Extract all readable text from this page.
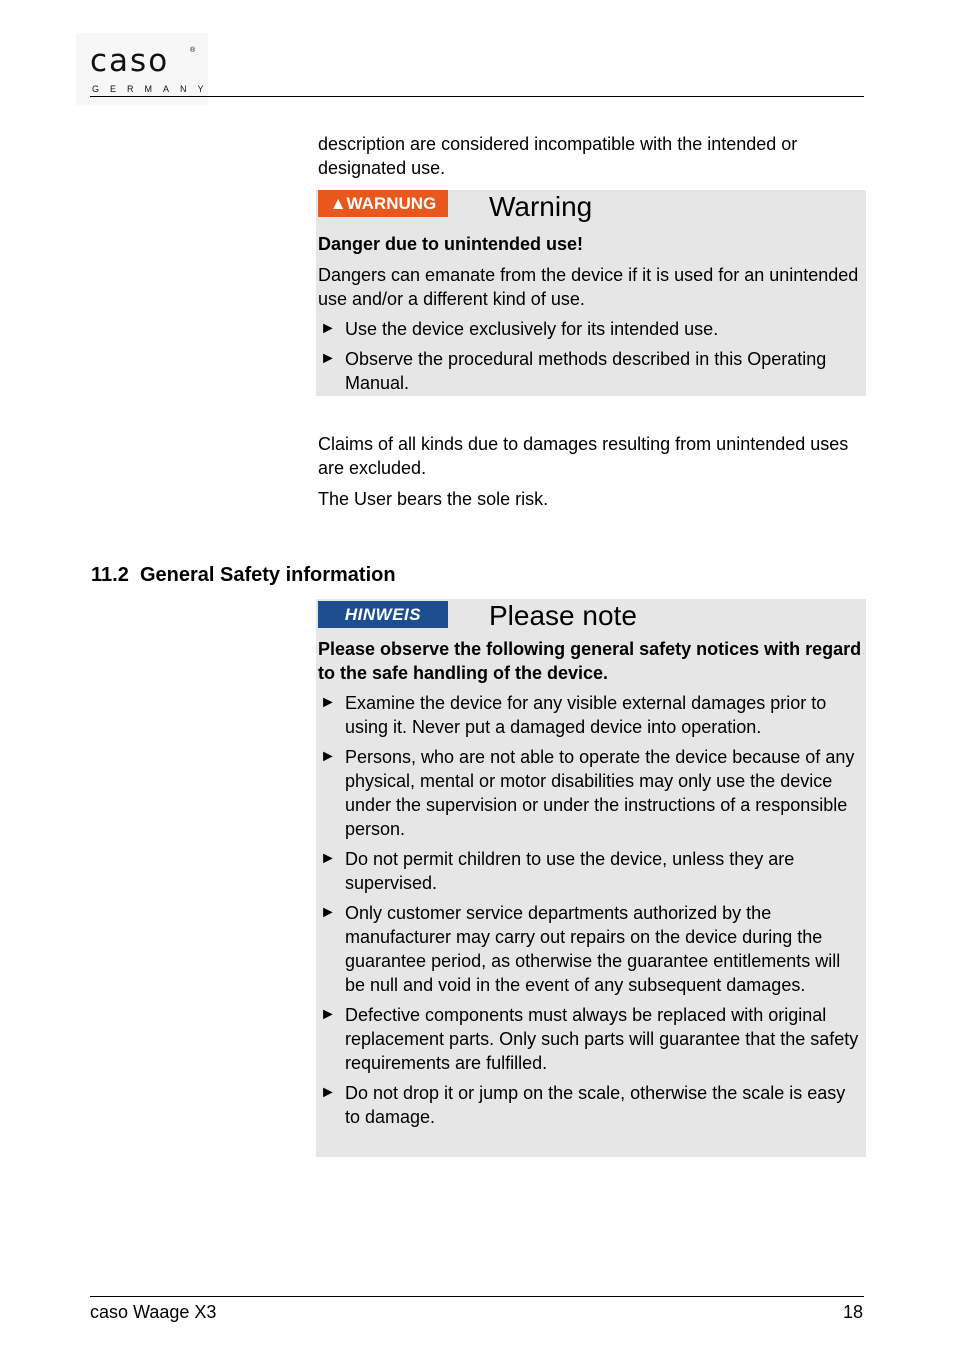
caso	®
GERMANY

description are considered incompatible with the intended or designated use.

▲WARNUNG	Warning
Danger due to unintended use!
Dangers can emanate from the device if it is used for an unintended use and/or a different kind of use.
► Use the device exclusively for its intended use.
► Observe the procedural methods described in this Operating Manual.

Claims of all kinds due to damages resulting from unintended uses are excluded.

The User bears the sole risk.

11.2 General Safety information
HINWEIS	Please note
Please observe the following general safety notices with regard to the safe handling of the device.
► Examine the device for any visible external damages prior to using it. Never put a damaged device into operation.
► Persons, who are not able to operate the device because of any physical, mental or motor disabilities may only use the device under the supervision or under the instructions of a responsible person.
► Do not permit children to use the device, unless they are supervised.
► Only customer service departments authorized by the manufacturer may carry out repairs on the device during the guarantee period, as otherwise the guarantee entitlements will be null and void in the event of any subsequent damages.
► Defective components must always be replaced with original replacement parts. Only such parts will guarantee that the safety requirements are fulfilled.
► Do not drop it or jump on the scale, otherwise the scale is easy to damage.
caso Waage X3	18
